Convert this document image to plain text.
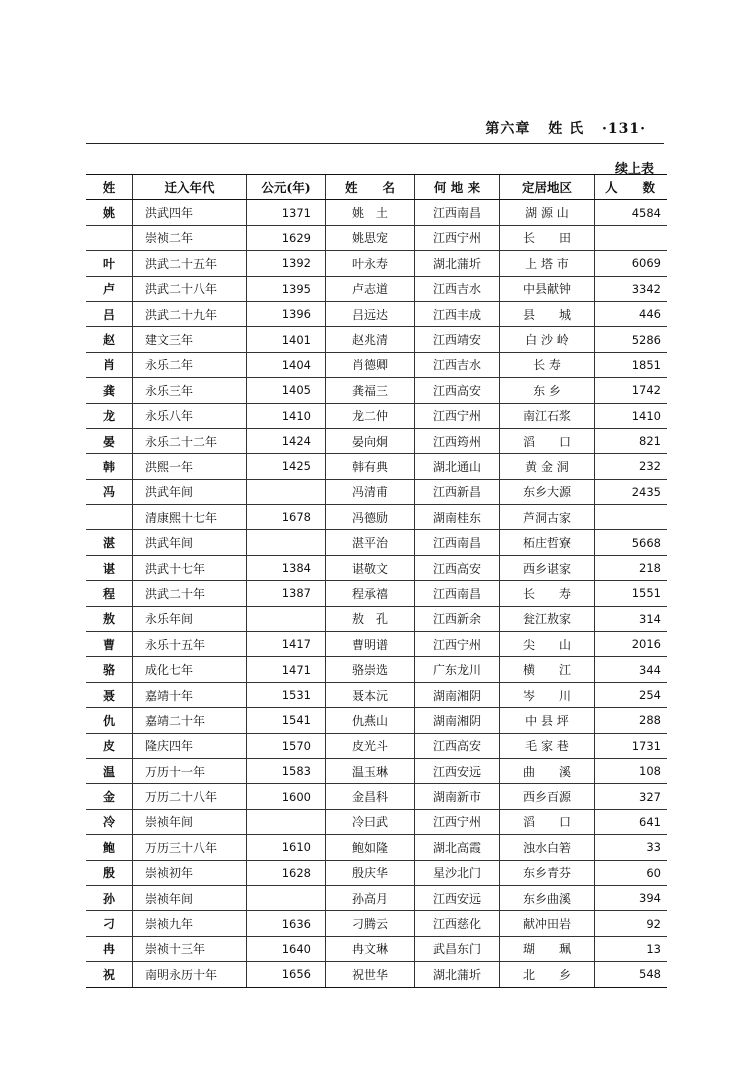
第六章 姓 氏 ·131·
续上表
姓	迁入年代	公元(年)	姓　　名	何 地 来	定居地区	人　　数
姚	洪武四年	1371	姚　土	江西南昌	湖 源 山	4584
	崇祯二年	1629	姚思宠	江西宁州	长　　田	
叶	洪武二十五年	1392	叶永寿	湖北蒲圻	上 塔 市	6069
卢	洪武二十八年	1395	卢志道	江西吉水	中县献钟	3342
吕	洪武二十九年	1396	吕远达	江西丰成	县　　城	446
赵	建文三年	1401	赵兆清	江西靖安	白 沙 岭	5286
肖	永乐二年	1404	肖德卿	江西吉水	长 寿	1851
龚	永乐三年	1405	龚福三	江西高安	东 乡	1742
龙	永乐八年	1410	龙二仲	江西宁州	南江石浆	1410
晏	永乐二十二年	1424	晏向炯	江西筠州	滔　　口	821
韩	洪熙一年	1425	韩有典	湖北通山	黄 金 洞	232
冯	洪武年间		冯清甫	江西新昌	东乡大源	2435
	清康熙十七年	1678	冯德励	湖南桂东	芦洞古家	
湛	洪武年间		湛平治	江西南昌	柘庄哲寮	5668
谌	洪武十七年	1384	谌敬文	江西高安	西乡谌家	218
程	洪武二十年	1387	程承禧	江西南昌	长　　寿	1551
敖	永乐年间		敖　孔	江西新余	瓮江敖家	314
曹	永乐十五年	1417	曹明谱	江西宁州	尖　　山	2016
骆	成化七年	1471	骆崇选	广东龙川	横　　江	344
聂	嘉靖十年	1531	聂本沅	湖南湘阴	岑　　川	254
仇	嘉靖二十年	1541	仇燕山	湖南湘阴	中 县 坪	288
皮	隆庆四年	1570	皮光斗	江西高安	毛 家 巷	1731
温	万历十一年	1583	温玉琳	江西安远	曲　　溪	108
金	万历二十八年	1600	金昌科	湖南新市	西乡百源	327
冷	崇祯年间		冷曰武	江西宁州	滔　　口	641
鲍	万历三十八年	1610	鲍如隆	湖北高霞	浊水白箬	33
殷	崇祯初年	1628	殷庆华	星沙北门	东乡青芬	60
孙	崇祯年间		孙高月	江西安远	东乡曲溪	394
刁	崇祯九年	1636	刁腾云	江西慈化	献冲田岩	92
冉	崇祯十三年	1640	冉文琳	武昌东门	瑚　　珮	13
祝	南明永历十年	1656	祝世华	湖北蒲圻	北　　乡	548
